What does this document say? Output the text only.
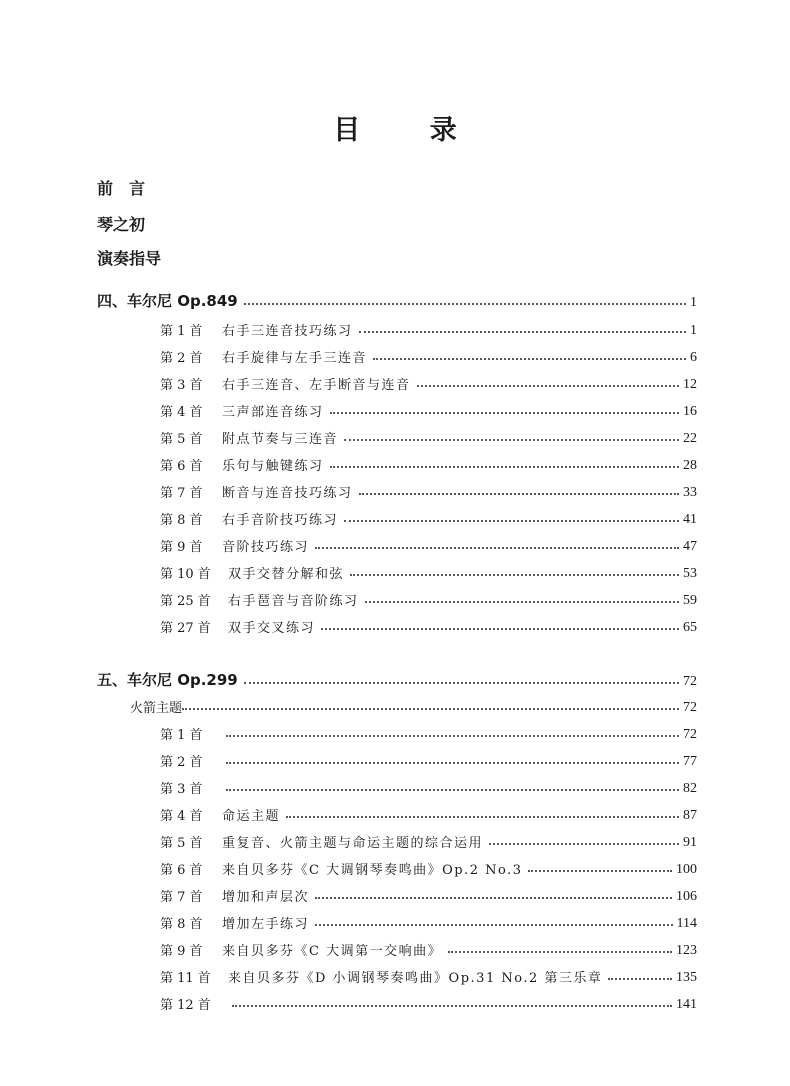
目 录
前　言
琴之初
演奏指导
四、车尔尼 Op.849	1
第 1 首	右手三连音技巧练习	1
第 2 首	右手旋律与左手三连音	6
第 3 首	右手三连音、左手断音与连音	12
第 4 首	三声部连音练习	16
第 5 首	附点节奏与三连音	22
第 6 首	乐句与触键练习	28
第 7 首	断音与连音技巧练习	33
第 8 首	右手音阶技巧练习	41
第 9 首	音阶技巧练习	47
第 10 首	双手交替分解和弦	53
第 25 首	右手琶音与音阶练习	59
第 27 首	双手交叉练习	65
五、车尔尼 Op.299	72
火箭主题	72
第 1 首	72
第 2 首	77
第 3 首	82
第 4 首	命运主题	87
第 5 首	重复音、火箭主题与命运主题的综合运用	91
第 6 首	来自贝多芬《C 大调钢琴奏鸣曲》Op.2 No.3	100
第 7 首	增加和声层次	106
第 8 首	增加左手练习	114
第 9 首	来自贝多芬《C 大调第一交响曲》	123
第 11 首	来自贝多芬《D 小调钢琴奏鸣曲》Op.31 No.2 第三乐章	135
第 12 首	141
